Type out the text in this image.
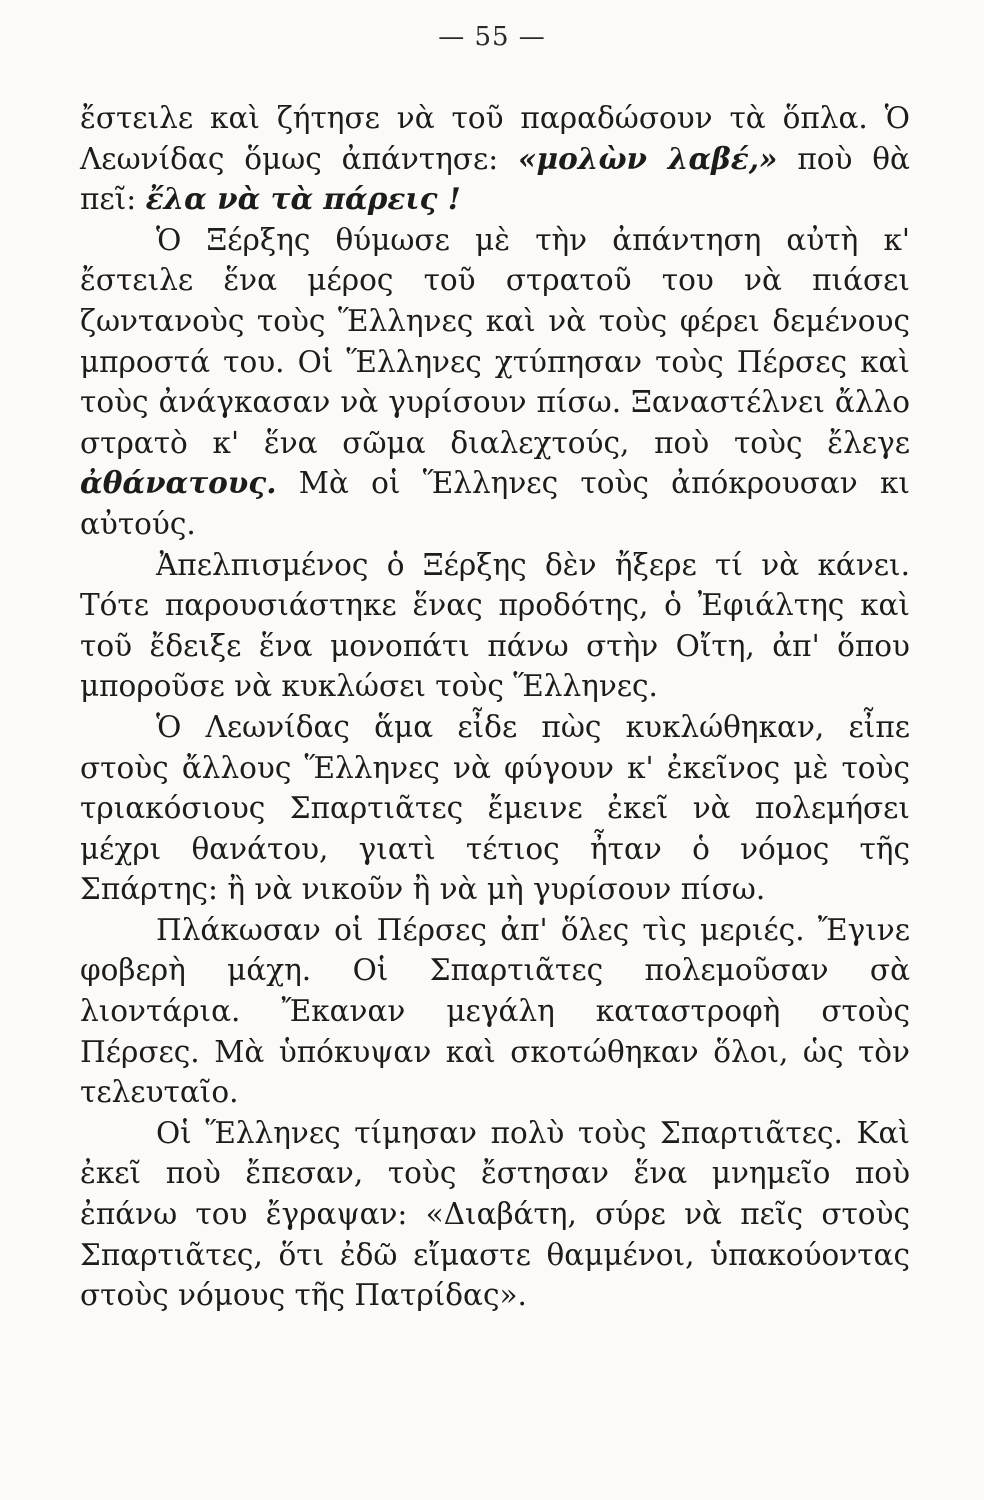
— 55 —

ἔστειλε καὶ ζήτησε νὰ τοῦ παραδώσουν τὰ ὅπλα. Ὁ Λεωνίδας ὅμως ἀπάντησε: «μολὼν λαβέ,» ποὺ θὰ πεῖ: ἔλα νὰ τὰ πάρεις !

Ὁ Ξέρξης θύμωσε μὲ τὴν ἀπάντηση αὐτὴ κ' ἔστειλε ἕνα μέρος τοῦ στρατοῦ του νὰ πιάσει ζωντανοὺς τοὺς Ἕλληνες καὶ νὰ τοὺς φέρει δεμένους μπροστά του. Οἱ Ἕλληνες χτύπησαν τοὺς Πέρσες καὶ τοὺς ἀνάγκασαν νὰ γυρίσουν πίσω. Ξαναστέλνει ἄλλο στρατὸ κ' ἕνα σῶμα διαλεχτούς, ποὺ τοὺς ἔλεγε ἀθάνατους. Μὰ οἱ Ἕλληνες τοὺς ἀπόκρουσαν κι αὐτούς.

Ἀπελπισμένος ὁ Ξέρξης δὲν ἤξερε τί νὰ κάνει. Τότε παρουσιάστηκε ἕνας προδότης, ὁ Ἐφιάλτης καὶ τοῦ ἔδειξε ἕνα μονοπάτι πάνω στὴν Οἴτη, ἀπ' ὅπου μποροῦσε νὰ κυκλώσει τοὺς Ἕλληνες.

Ὁ Λεωνίδας ἅμα εἶδε πὼς κυκλώθηκαν, εἶπε στοὺς ἄλλους Ἕλληνες νὰ φύγουν κ' ἐκεῖνος μὲ τοὺς τριακόσιους Σπαρτιᾶτες ἔμεινε ἐκεῖ νὰ πολεμήσει μέχρι θανάτου, γιατὶ τέτιος ἦταν ὁ νόμος τῆς Σπάρτης: ἢ νὰ νικοῦν ἢ νὰ μὴ γυρίσουν πίσω.

Πλάκωσαν οἱ Πέρσες ἀπ' ὅλες τὶς μεριές. Ἔγινε φοβερὴ μάχη. Οἱ Σπαρτιᾶτες πολεμοῦσαν σὰ λιοντάρια. Ἔκαναν μεγάλη καταστροφὴ στοὺς Πέρσες. Μὰ ὑπόκυψαν καὶ σκοτώθηκαν ὅλοι, ὡς τὸν τελευταῖο.

Οἱ Ἕλληνες τίμησαν πολὺ τοὺς Σπαρτιᾶτες. Καὶ ἐκεῖ ποὺ ἔπεσαν, τοὺς ἔστησαν ἕνα μνημεῖο ποὺ ἐπάνω του ἔγραψαν: «Διαβάτη, σύρε νὰ πεῖς στοὺς Σπαρτιᾶτες, ὅτι ἐδῶ εἴμαστε θαμμένοι, ὑπακούοντας στοὺς νόμους τῆς Πατρίδας».
